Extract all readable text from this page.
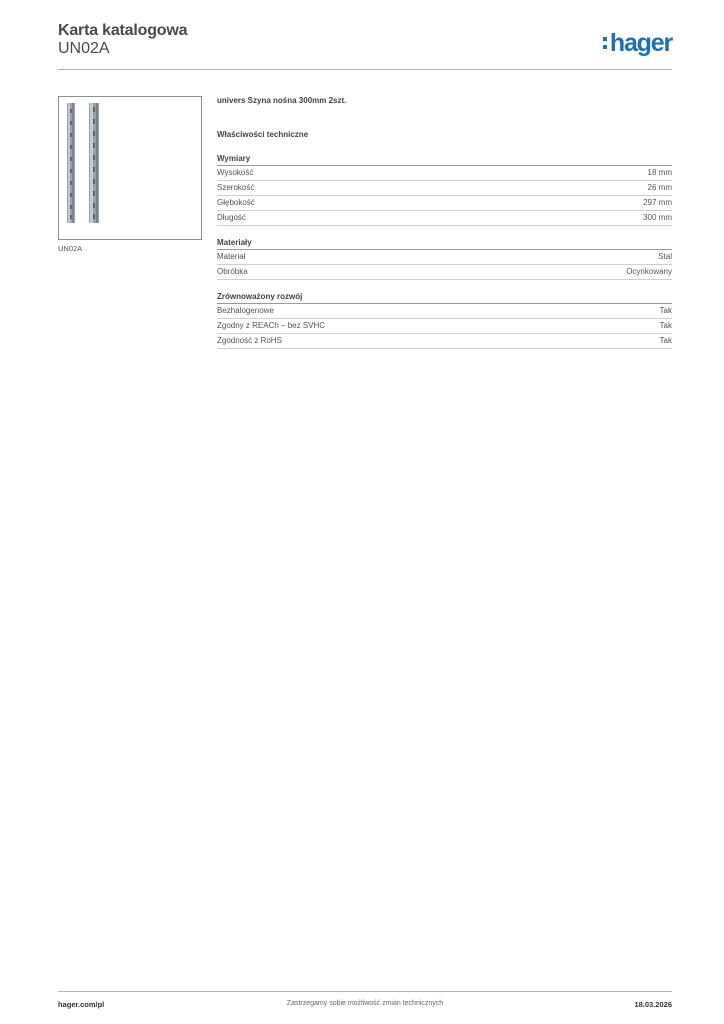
Karta katalogowa
UN02A	hager
UN02A
univers Szyna nośna 300mm 2szt.
Właściwości techniczne
Wymiary
Wysokość	18 mm
Szerokość	26 mm
Głębokość	297 mm
Długość	300 mm
Materiały
Materiał	Stal
Obróbka	Ocynkowany
Zrównoważony rozwój
Bezhalogenowe	Tak
Zgodny z REACh – bez SVHC	Tak
Zgodność z RoHS	Tak
hager.com/pl	Zastrzegamy sobie możliwość zmian technicznych	18.03.2026
